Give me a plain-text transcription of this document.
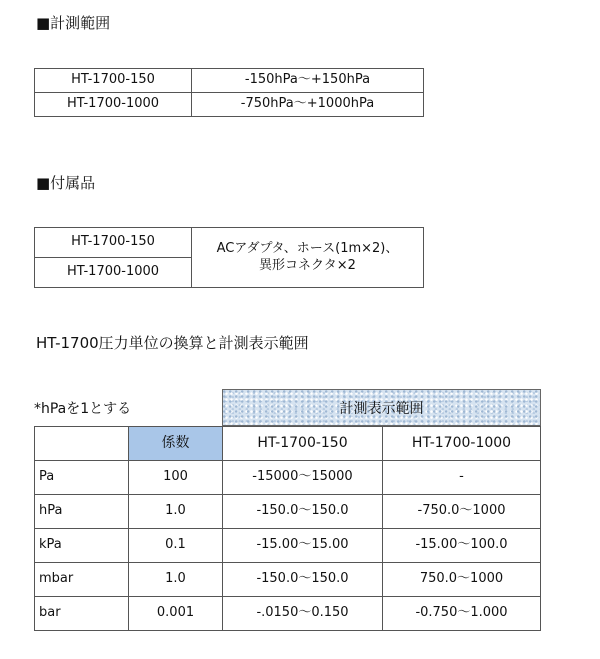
■計測範囲
HT-1700-150	-150hPa～+150hPa
HT-1700-1000	-750hPa～+1000hPa
■付属品
HT-1700-150	ACアダプタ、ホース(1m×2)、
異形コネクタ×2

HT-1700-1000
HT-1700圧力単位の換算と計測表示範囲
*hPaを1とする	計測表示範囲
	係数	HT-1700-150	HT-1700-1000
Pa	100	-15000～15000	-
hPa	1.0	-150.0～150.0	-750.0～1000
kPa	0.1	-15.00～15.00	-15.00～100.0
mbar	1.0	-150.0～150.0	750.0～1000
bar	0.001	-.0150～0.150	-0.750～1.000
